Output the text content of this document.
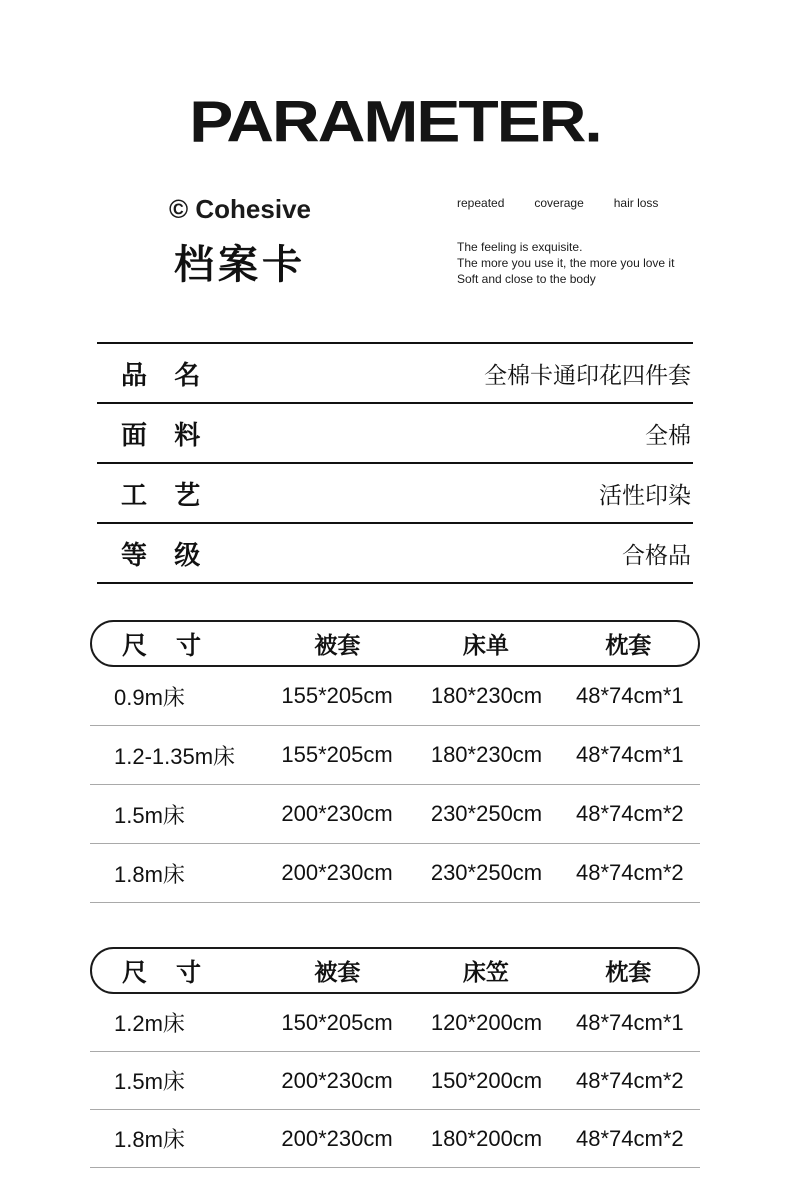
PARAMETER.
© Cohesive
档案卡
repeated	coverage	hair loss
The feeling is exquisite.
The more you use it, the more you love it
Soft and close to the body
品 名	全棉卡通印花四件套
面 料	全棉
工 艺	活性印染
等 级	合格品
尺 寸	被套	床单	枕套
0.9m床	155*205cm	180*230cm	48*74cm*1
1.2-1.35m床	155*205cm	180*230cm	48*74cm*1
1.5m床	200*230cm	230*250cm	48*74cm*2
1.8m床	200*230cm	230*250cm	48*74cm*2
尺 寸	被套	床笠	枕套
1.2m床	150*205cm	120*200cm	48*74cm*1
1.5m床	200*230cm	150*200cm	48*74cm*2
1.8m床	200*230cm	180*200cm	48*74cm*2
